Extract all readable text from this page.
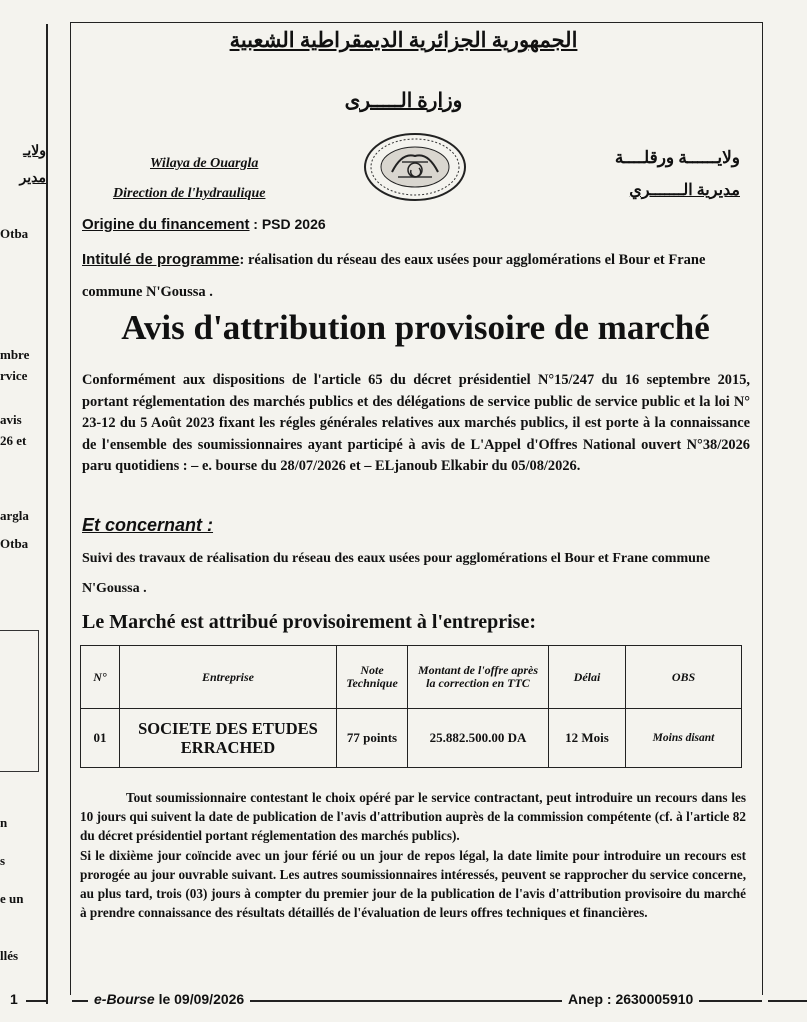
ولايـ
مدير
Otba
mbre
rvice
avis
26 et
argla
Otba
n
s
e un
llés
الجمهورية الجزائرية الديمقراطية الشعبية
وزارة الـــــرى
Wilaya de Ouargla
Direction de l'hydraulique
ولايــــــة ورقلــــة
مديرية الـــــــري
Origine du financement : PSD 2026
Intitulé de programme: réalisation du réseau des eaux usées pour agglomérations el Bour et Frane commune N'Goussa .
Avis d'attribution provisoire de marché
Conformément aux dispositions de l'article 65 du décret présidentiel N°15/247 du 16 septembre 2015, portant réglementation des marchés publics et des délégations de service public de service public et la loi N° 23-12 du 5 Août 2023 fixant les régles générales relatives aux marchés publics, il est porte à la connaissance de l'ensemble des soumissionnaires ayant participé à avis de L'Appel d'Offres National ouvert N°38/2026 paru quotidiens : – e. bourse du 28/07/2026 et – ELjanoub Elkabir du 05/08/2026.
Et concernant :
Suivi des travaux de réalisation du réseau des eaux usées pour agglomérations el Bour et Frane commune N'Goussa .
Le Marché est attribué provisoirement à l'entreprise:
N°	Entreprise	Note Technique	Montant de l'offre après la correction en TTC	Délai	OBS
01	SOCIETE DES ETUDES ERRACHED	77 points	25.882.500.00 DA	12 Mois	Moins disant

Tout soumissionnaire contestant le choix opéré par le service contractant, peut introduire un recours dans les 10 jours qui suivent la date de publication de l'avis d'attribution auprès de la commission compétente (cf. à l'article 82 du décret présidentiel portant réglementation des marchés publics).

Si le dixième jour coïncide avec un jour férié ou un jour de repos légal, la date limite pour introduire un recours est prorogée au jour ouvrable suivant. Les autres soumissionnaires intéressés, peuvent se rapprocher du service concerne, au plus tard, trois (03) jours à compter du premier jour de la publication de l'avis d'attribution provisoire du marché à prendre connaissance des résultats détaillés de l'évaluation de leurs offres techniques et financières.

1	e-Bourse le 09/09/2026	Anep : 2630005910
